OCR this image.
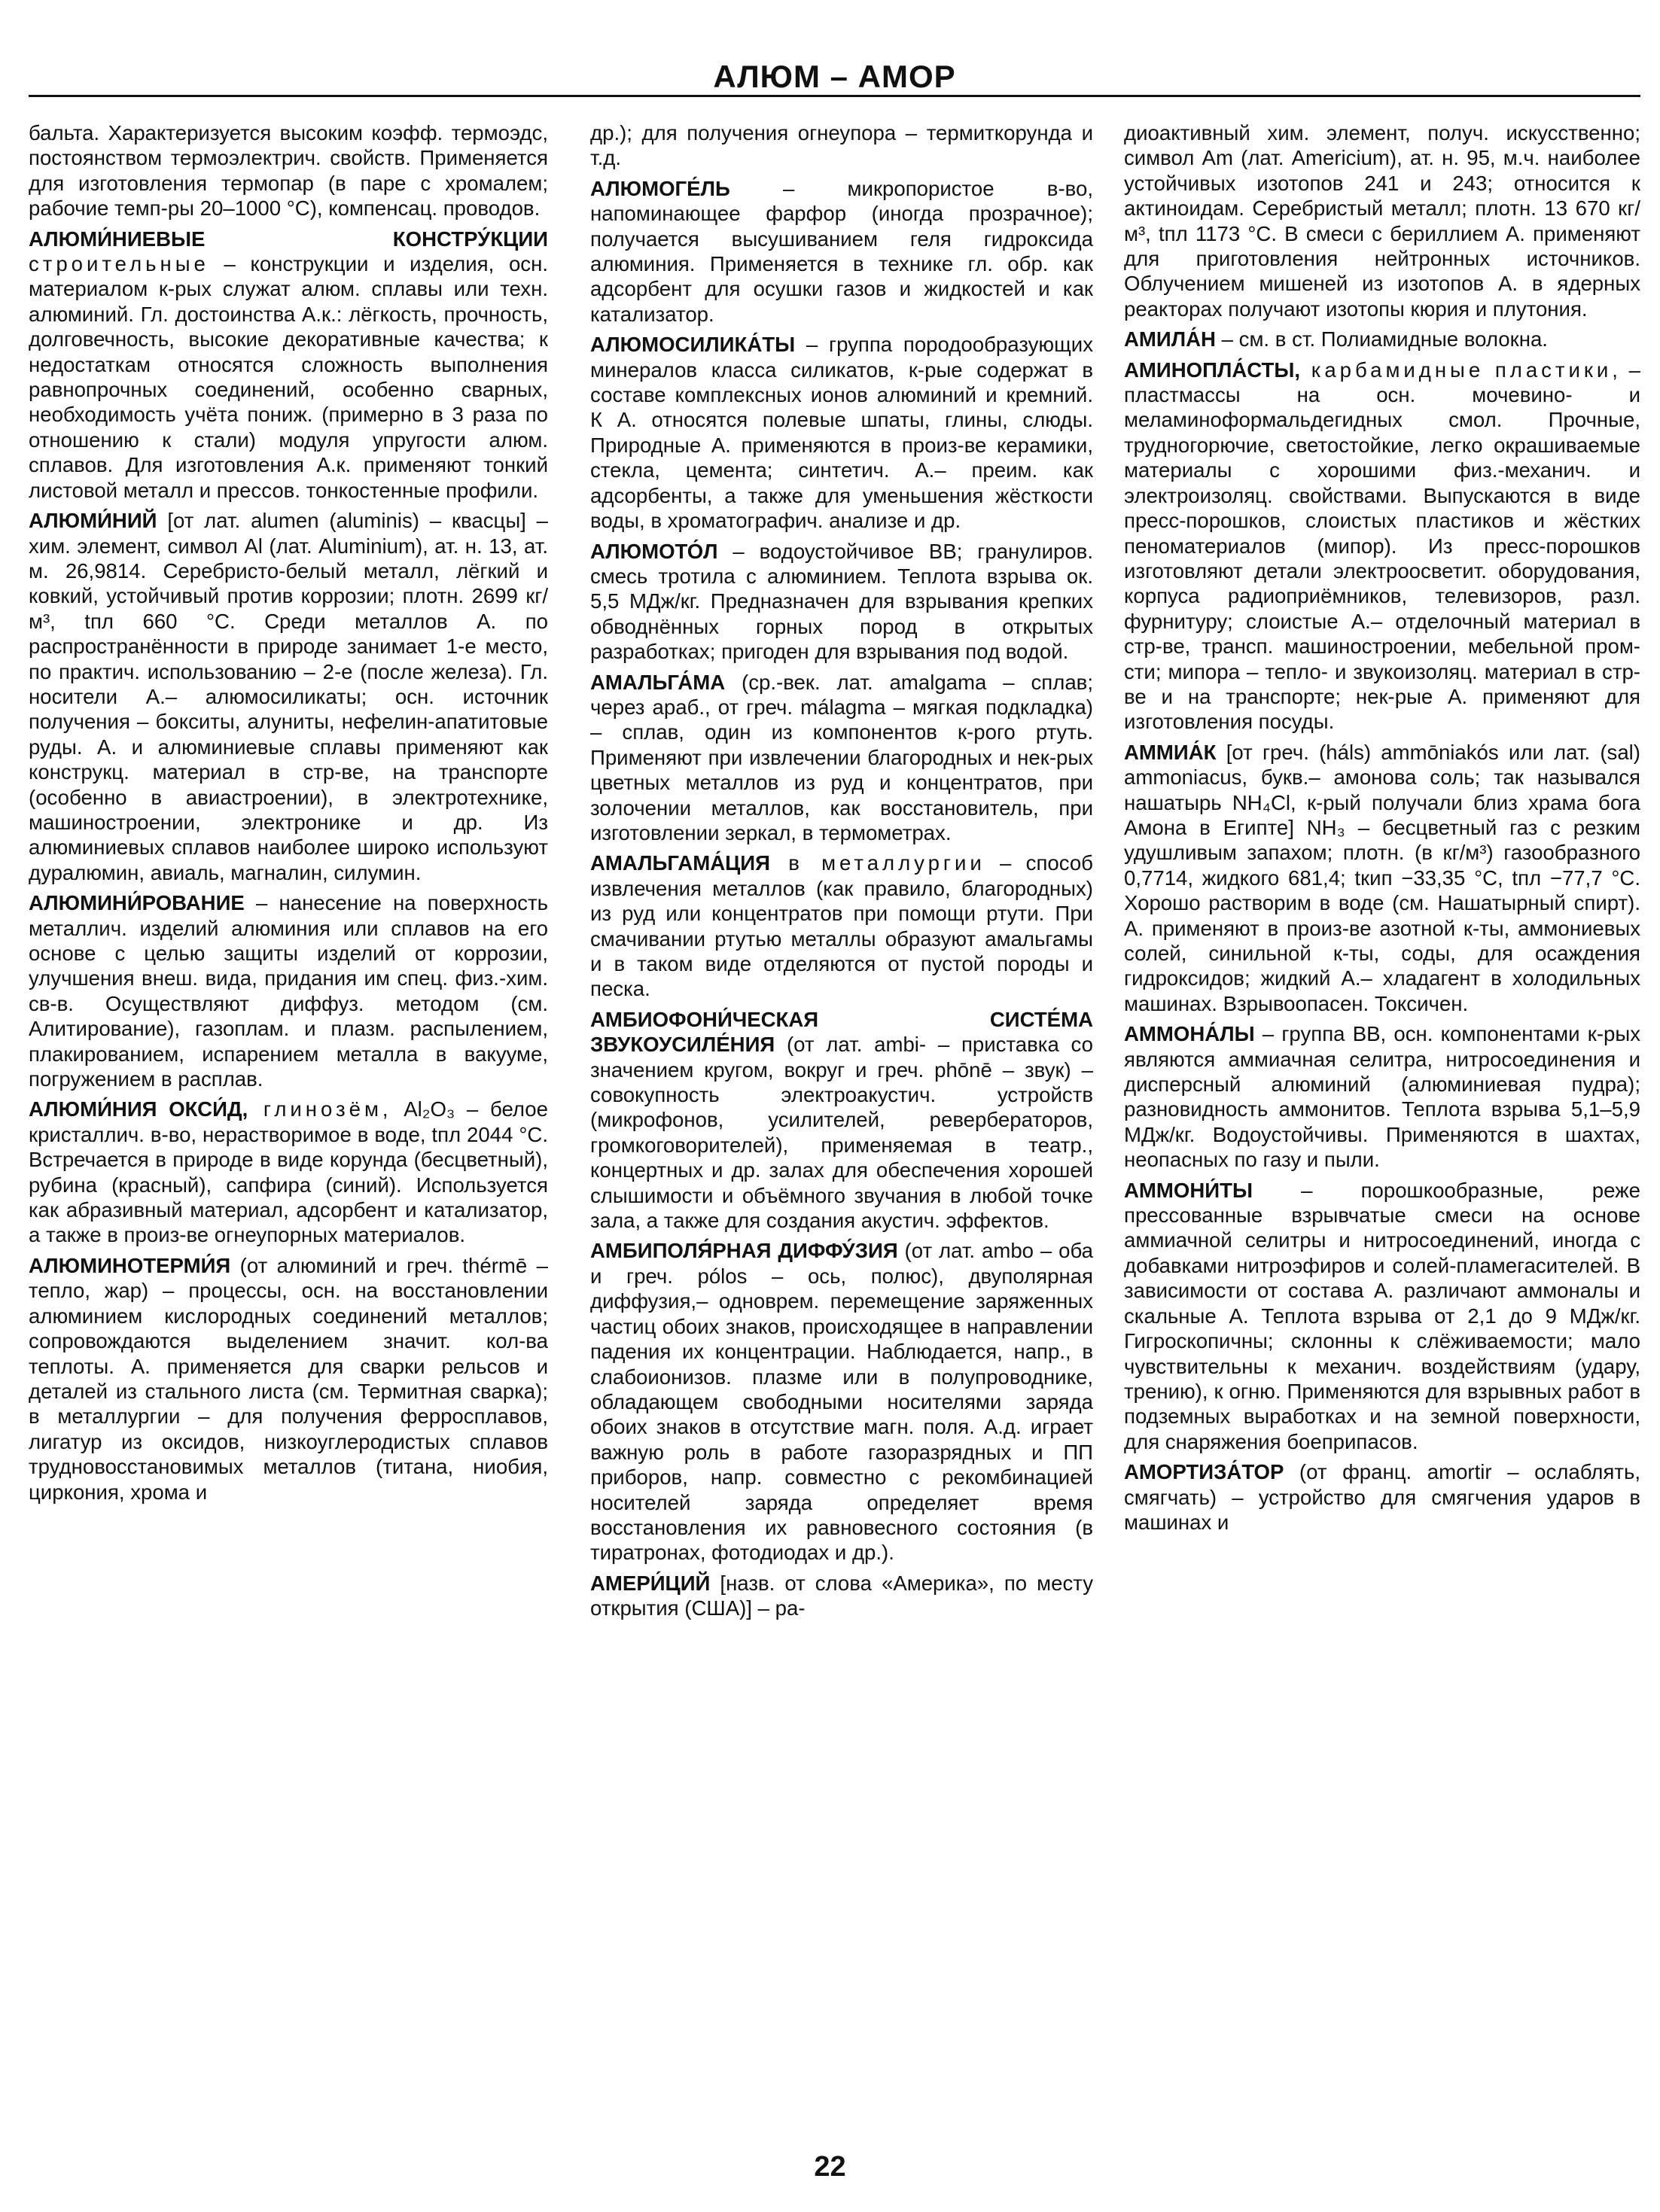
АЛЮМ – АМОР

бальта. Характеризуется высоким коэфф. термоэдс, постоянством термоэлектрич. свойств. Применяется для изготовления термопар (в паре с хромалем; рабочие темп-ры 20–1000 °С), компенсац. проводов.

АЛЮМИ́НИЕВЫЕ КОНСТРУ́КЦИИ строительные – конструкции и изделия, осн. материалом к-рых служат алюм. сплавы или техн. алюминий. Гл. достоинства А.к.: лёгкость, прочность, долговечность, высокие декоративные качества; к недостаткам относятся сложность выполнения равнопрочных соединений, особенно сварных, необходимость учёта пониж. (примерно в 3 раза по отношению к стали) модуля упругости алюм. сплавов. Для изготовления А.к. применяют тонкий листовой металл и прессов. тонкостенные профили.

АЛЮМИ́НИЙ [от лат. alumen (aluminis) – квасцы] – хим. элемент, символ Al (лат. Aluminium), ат. н. 13, ат. м. 26,9814. Серебристо-белый металл, лёгкий и ковкий, устойчивый против коррозии; плотн. 2699 кг/м³, tпл 660 °С. Среди металлов А. по распространённости в природе занимает 1-е место, по практич. использованию – 2-е (после железа). Гл. носители А.– алюмосиликаты; осн. источник получения – бокситы, алуниты, нефелин-апатитовые руды. А. и алюминиевые сплавы применяют как конструкц. материал в стр-ве, на транспорте (особенно в авиастроении), в электротехнике, машиностроении, электронике и др. Из алюминиевых сплавов наиболее широко используют дуралюмин, авиаль, магналин, силумин.

АЛЮМИНИ́РОВАНИЕ – нанесение на поверхность металлич. изделий алюминия или сплавов на его основе с целью защиты изделий от коррозии, улучшения внеш. вида, придания им спец. физ.-хим. св-в. Осуществляют диффуз. методом (см. Алитирование), газоплам. и плазм. распылением, плакированием, испарением металла в вакууме, погружением в расплав.

АЛЮМИ́НИЯ ОКСИ́Д, глинозём, Al₂O₃ – белое кристаллич. в-во, нерастворимое в воде, tпл 2044 °С. Встречается в природе в виде корунда (бесцветный), рубина (красный), сапфира (синий). Используется как абразивный материал, адсорбент и катализатор, а также в произ-ве огнеупорных материалов.

АЛЮМИНОТЕРМИ́Я (от алюминий и греч. thérmē – тепло, жар) – процессы, осн. на восстановлении алюминием кислородных соединений металлов; сопровождаются выделением значит. кол-ва теплоты. А. применяется для сварки рельсов и деталей из стального листа (см. Термитная сварка); в металлургии – для получения ферросплавов, лигатур из оксидов, низкоуглеродистых сплавов трудновосстановимых металлов (титана, ниобия, циркония, хрома и

др.); для получения огнеупора – термиткорунда и т.д.

АЛЮМОГЕ́ЛЬ – микропористое в-во, напоминающее фарфор (иногда прозрачное); получается высушиванием геля гидроксида алюминия. Применяется в технике гл. обр. как адсорбент для осушки газов и жидкостей и как катализатор.

АЛЮМОСИЛИКА́ТЫ – группа породообразующих минералов класса силикатов, к-рые содержат в составе комплексных ионов алюминий и кремний. К А. относятся полевые шпаты, глины, слюды. Природные А. применяются в произ-ве керамики, стекла, цемента; синтетич. А.– преим. как адсорбенты, а также для уменьшения жёсткости воды, в хроматографич. анализе и др.

АЛЮМОТО́Л – водоустойчивое ВВ; гранулиров. смесь тротила с алюминием. Теплота взрыва ок. 5,5 МДж/кг. Предназначен для взрывания крепких обводнённых горных пород в открытых разработках; пригоден для взрывания под водой.

АМАЛЬГА́МА (ср.-век. лат. amalgama – сплав; через араб., от греч. málagma – мягкая подкладка) – сплав, один из компонентов к-рого ртуть. Применяют при извлечении благородных и нек-рых цветных металлов из руд и концентратов, при золочении металлов, как восстановитель, при изготовлении зеркал, в термометрах.

АМАЛЬГАМА́ЦИЯ в металлургии – способ извлечения металлов (как правило, благородных) из руд или концентратов при помощи ртути. При смачивании ртутью металлы образуют амальгамы и в таком виде отделяются от пустой породы и песка.

АМБИОФОНИ́ЧЕСКАЯ СИСТЕ́МА ЗВУКОУСИЛЕ́НИЯ (от лат. ambi- – приставка со значением кругом, вокруг и греч. phōnē – звук) – совокупность электроакустич. устройств (микрофонов, усилителей, ревербераторов, громкоговорителей), применяемая в театр., концертных и др. залах для обеспечения хорошей слышимости и объёмного звучания в любой точке зала, а также для создания акустич. эффектов.

АМБИПОЛЯ́РНАЯ ДИФФУ́ЗИЯ (от лат. ambo – оба и греч. pólos – ось, полюс), двуполярная диффузия,– одноврем. перемещение заряженных частиц обоих знаков, происходящее в направлении падения их концентрации. Наблюдается, напр., в слабоионизов. плазме или в полупроводнике, обладающем свободными носителями заряда обоих знаков в отсутствие магн. поля. А.д. играет важную роль в работе газоразрядных и ПП приборов, напр. совместно с рекомбинацией носителей заряда определяет время восстановления их равновесного состояния (в тиратронах, фотодиодах и др.).

АМЕРИ́ЦИЙ [назв. от слова «Америка», по месту открытия (США)] – ра-

диоактивный хим. элемент, получ. искусственно; символ Am (лат. Americium), ат. н. 95, м.ч. наиболее устойчивых изотопов 241 и 243; относится к актиноидам. Серебристый металл; плотн. 13 670 кг/м³, tпл 1173 °С. В смеси с бериллием А. применяют для приготовления нейтронных источников. Облучением мишеней из изотопов А. в ядерных реакторах получают изотопы кюрия и плутония.

АМИЛА́Н – см. в ст. Полиамидные волокна.

АМИНОПЛА́СТЫ, карбамидные пластики, – пластмассы на осн. мочевино- и меламиноформальдегидных смол. Прочные, трудногорючие, светостойкие, легко окрашиваемые материалы с хорошими физ.-механич. и электроизоляц. свойствами. Выпускаются в виде пресс-порошков, слоистых пластиков и жёстких пеноматериалов (мипор). Из пресс-порошков изготовляют детали электроосветит. оборудования, корпуса радиоприёмников, телевизоров, разл. фурнитуру; слоистые А.– отделочный материал в стр-ве, трансп. машиностроении, мебельной пром-сти; мипора – тепло- и звукоизоляц. материал в стр-ве и на транспорте; нек-рые А. применяют для изготовления посуды.

АММИА́К [от греч. (háls) ammōniakós или лат. (sal) ammoniacus, букв.– амонова соль; так назывался нашатырь NH₄Cl, к-рый получали близ храма бога Амона в Египте] NH₃ – бесцветный газ с резким удушливым запахом; плотн. (в кг/м³) газообразного 0,7714, жидкого 681,4; tкип −33,35 °С, tпл −77,7 °С. Хорошо растворим в воде (см. Нашатырный спирт). А. применяют в произ-ве азотной к-ты, аммониевых солей, синильной к-ты, соды, для осаждения гидроксидов; жидкий А.– хладагент в холодильных машинах. Взрывоопасен. Токсичен.

АММОНА́ЛЫ – группа ВВ, осн. компонентами к-рых являются аммиачная селитра, нитросоединения и дисперсный алюминий (алюминиевая пудра); разновидность аммонитов. Теплота взрыва 5,1–5,9 МДж/кг. Водоустойчивы. Применяются в шахтах, неопасных по газу и пыли.

АММОНИ́ТЫ – порошкообразные, реже прессованные взрывчатые смеси на основе аммиачной селитры и нитросоединений, иногда с добавками нитроэфиров и солей-пламегасителей. В зависимости от состава А. различают аммоналы и скальные А. Теплота взрыва от 2,1 до 9 МДж/кг. Гигроскопичны; склонны к слёживаемости; мало чувствительны к механич. воздействиям (удару, трению), к огню. Применяются для взрывных работ в подземных выработках и на земной поверхности, для снаряжения боеприпасов.

АМОРТИЗА́ТОР (от франц. amortir – ослаблять, смягчать) – устройство для смягчения ударов в машинах и

22
